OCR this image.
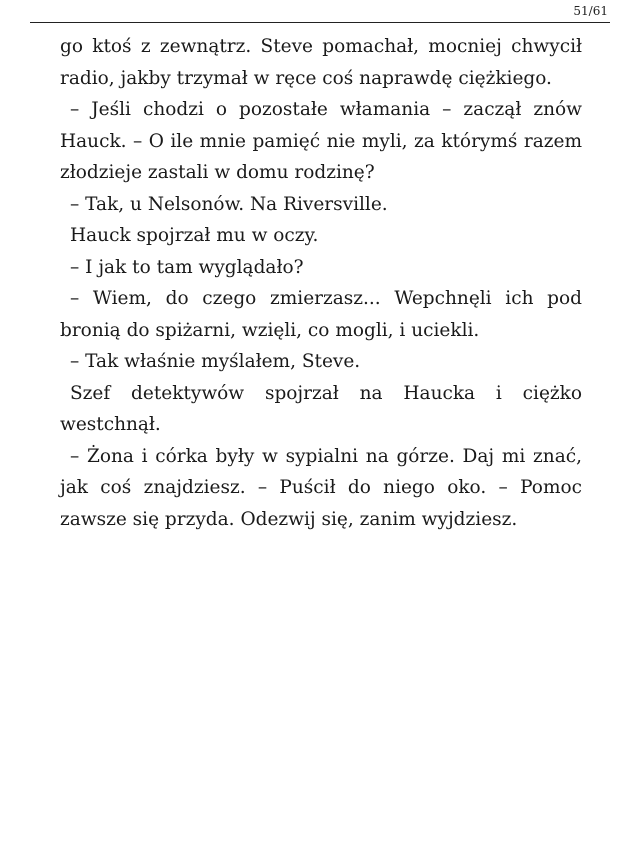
51/61

go ktoś z zewnątrz. Steve pomachał, mocniej chwycił radio, jakby trzymał w ręce coś naprawdę ciężkiego.

– Jeśli chodzi o pozostałe włamania – zaczął znów Hauck. – O ile mnie pamięć nie myli, za którymś razem złodzieje zastali w domu rodzinę?

– Tak, u Nelsonów. Na Riversville.

Hauck spojrzał mu w oczy.

– I jak to tam wyglądało?

– Wiem, do czego zmierzasz... Wepchnęli ich pod bronią do spiżarni, wzięli, co mogli, i uciekli.

– Tak właśnie myślałem, Steve.

Szef detektywów spojrzał na Haucka i ciężko westchnął.

– Żona i córka były w sypialni na górze. Daj mi znać, jak coś znajdziesz. – Puścił do niego oko. – Pomoc zawsze się przyda. Odezwij się, zanim wyjdziesz.
